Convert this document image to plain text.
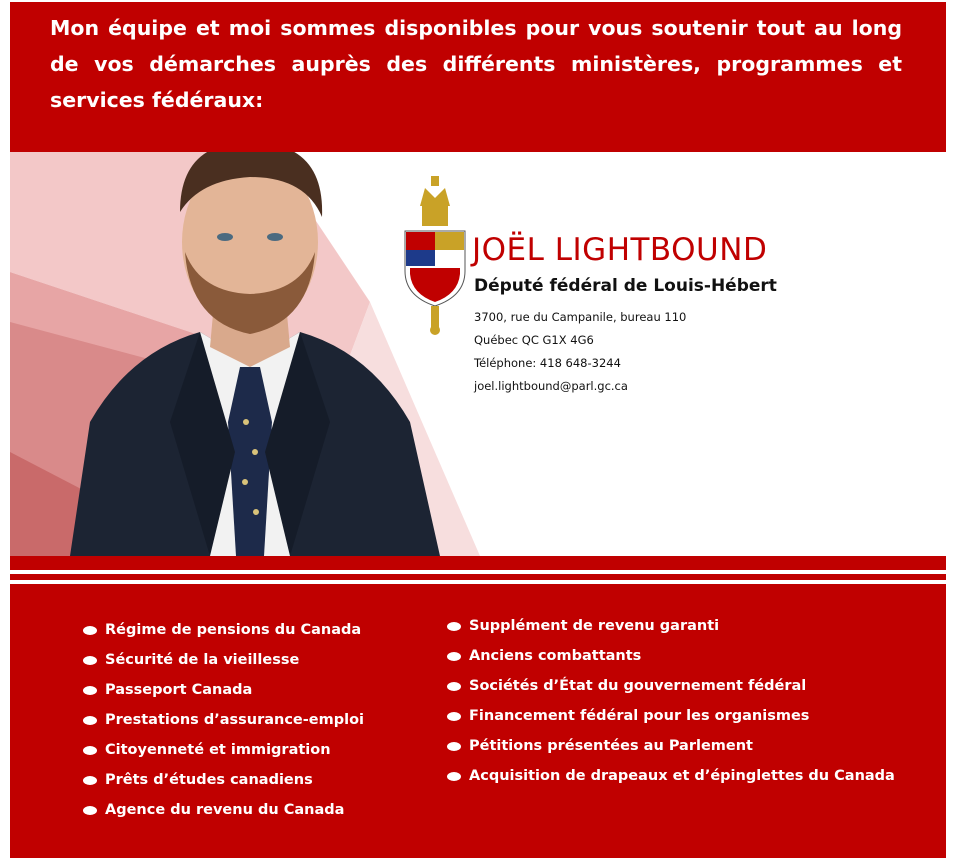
Mon équipe et moi sommes disponibles pour vous soutenir tout au long de vos démarches auprès des différents ministères, programmes et services fédéraux:

JOËL LIGHTBOUND
Député fédéral de Louis-Hébert
3700, rue du Campanile, bureau 110
Québec QC G1X 4G6
Téléphone: 418 648-3244
joel.lightbound@parl.gc.ca
Régime de pensions du Canada
Sécurité de la vieillesse
Passeport Canada
Prestations d’assurance-emploi
Citoyenneté et immigration
Prêts d’études canadiens
Agence du revenu du Canada
Supplément de revenu garanti
Anciens combattants
Sociétés d’État du gouvernement fédéral
Financement fédéral pour les organismes
Pétitions présentées au Parlement
Acquisition de drapeaux et d’épinglettes du Canada
